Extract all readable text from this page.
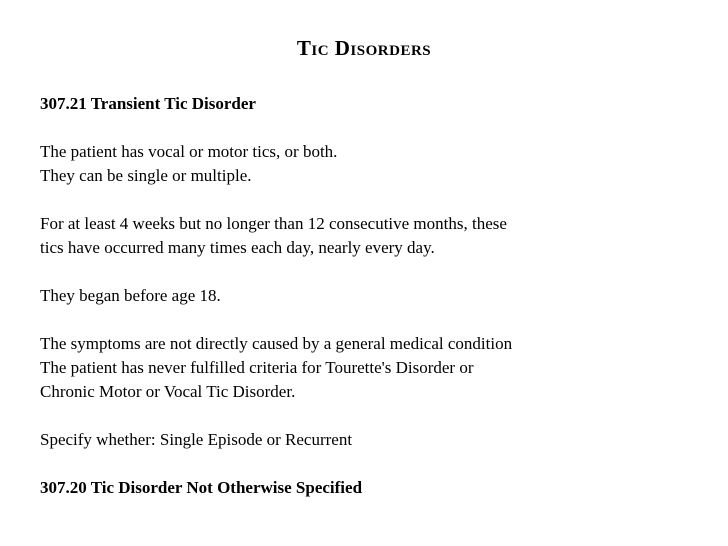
Tic Disorders

307.21 Transient Tic Disorder

The patient has vocal or motor tics, or both.

They can be single or multiple.

For at least 4 weeks but no longer than 12 consecutive months, these

tics have occurred many times each day, nearly every day.

They began before age 18.

The symptoms are not directly caused by a general medical condition

The patient has never fulfilled criteria for Tourette's Disorder or

Chronic Motor or Vocal Tic Disorder.

Specify whether: Single Episode or Recurrent

307.20 Tic Disorder Not Otherwise Specified
